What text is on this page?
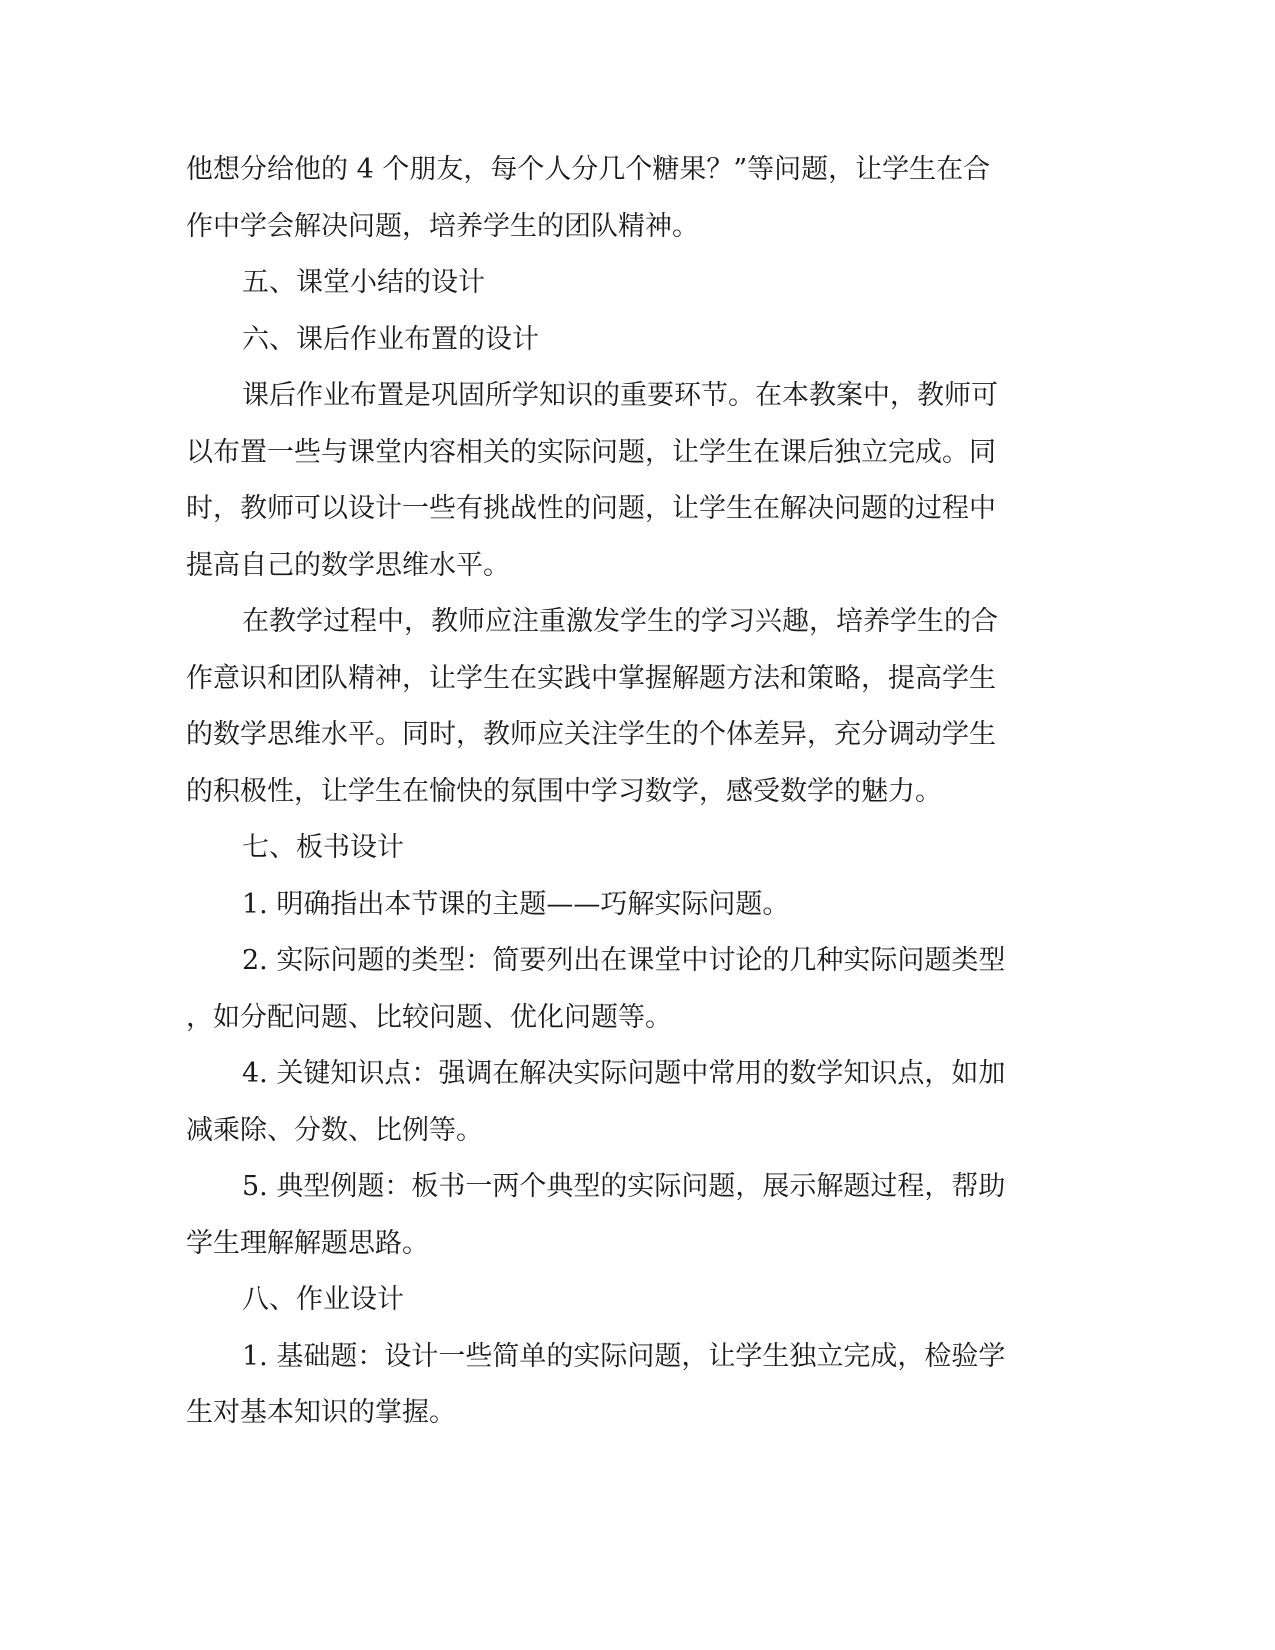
他想分给他的 4 个朋友，每个人分几个糖果？”等问题，让学生在合

作中学会解决问题，培养学生的团队精神。

五、课堂小结的设计

六、课后作业布置的设计

课后作业布置是巩固所学知识的重要环节。在本教案中，教师可

以布置一些与课堂内容相关的实际问题，让学生在课后独立完成。同

时，教师可以设计一些有挑战性的问题，让学生在解决问题的过程中

提高自己的数学思维水平。

在教学过程中，教师应注重激发学生的学习兴趣，培养学生的合

作意识和团队精神，让学生在实践中掌握解题方法和策略，提高学生

的数学思维水平。同时，教师应关注学生的个体差异，充分调动学生

的积极性，让学生在愉快的氛围中学习数学，感受数学的魅力。

七、板书设计

1. 明确指出本节课的主题——巧解实际问题。

2. 实际问题的类型：简要列出在课堂中讨论的几种实际问题类型

，如分配问题、比较问题、优化问题等。

4. 关键知识点：强调在解决实际问题中常用的数学知识点，如加

减乘除、分数、比例等。

5. 典型例题：板书一两个典型的实际问题，展示解题过程，帮助

学生理解解题思路。

八、作业设计

1. 基础题：设计一些简单的实际问题，让学生独立完成，检验学

生对基本知识的掌握。
